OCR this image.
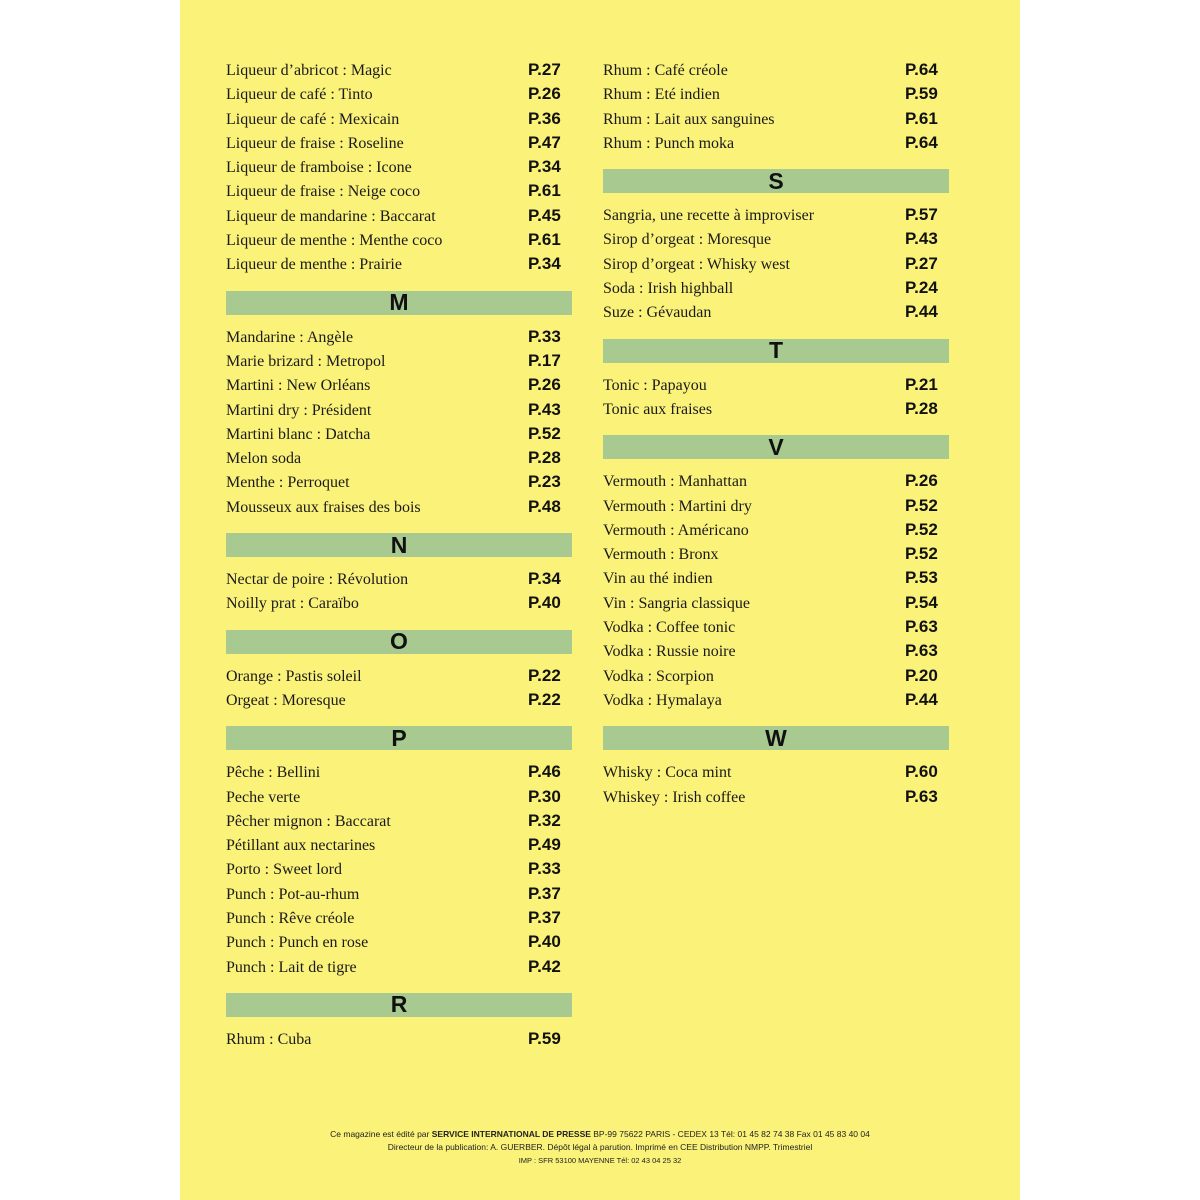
Liqueur d’abricot : Magic	P.27
Liqueur de café : Tinto	P.26
Liqueur de café : Mexicain	P.36
Liqueur de fraise : Roseline	P.47
Liqueur de framboise : Icone	P.34
Liqueur de fraise : Neige coco	P.61
Liqueur de mandarine : Baccarat	P.45
Liqueur de menthe : Menthe coco	P.61
Liqueur de menthe : Prairie	P.34
M
Mandarine : Angèle	P.33
Marie brizard : Metropol	P.17
Martini : New Orléans	P.26
Martini dry : Président	P.43
Martini blanc : Datcha	P.52
Melon soda	P.28
Menthe : Perroquet	P.23
Mousseux aux fraises des bois	P.48
N
Nectar de poire : Révolution	P.34
Noilly prat : Caraïbo	P.40
O
Orange : Pastis soleil	P.22
Orgeat : Moresque	P.22
P
Pêche : Bellini	P.46
Peche verte	P.30
Pêcher mignon : Baccarat	P.32
Pétillant aux nectarines	P.49
Porto : Sweet lord	P.33
Punch : Pot-au-rhum	P.37
Punch : Rêve créole	P.37
Punch : Punch en rose	P.40
Punch : Lait de tigre	P.42
R
Rhum : Cuba	P.59
Rhum : Café créole	P.64
Rhum : Eté indien	P.59
Rhum : Lait aux sanguines	P.61
Rhum : Punch moka	P.64
S
Sangria, une recette à improviser	P.57
Sirop d’orgeat : Moresque	P.43
Sirop d’orgeat : Whisky west	P.27
Soda : Irish highball	P.24
Suze : Gévaudan	P.44
T
Tonic : Papayou	P.21
Tonic aux fraises	P.28
V
Vermouth : Manhattan	P.26
Vermouth : Martini dry	P.52
Vermouth : Américano	P.52
Vermouth : Bronx	P.52
Vin au thé indien	P.53
Vin : Sangria classique	P.54
Vodka : Coffee tonic	P.63
Vodka : Russie noire	P.63
Vodka : Scorpion	P.20
Vodka : Hymalaya	P.44
W
Whisky : Coca mint	P.60
Whiskey : Irish coffee	P.63
Ce magazine est édité par SERVICE INTERNATIONAL DE PRESSE BP-99 75622 PARIS - CEDEX 13 Tél: 01 45 82 74 38 Fax 01 45 83 40 04
Directeur de la publication: A. GUERBER. Dépôt légal à parution. Imprimé en CEE Distribution NMPP. Trimestriel
IMP : SFR 53100 MAYENNE Tél: 02 43 04 25 32
